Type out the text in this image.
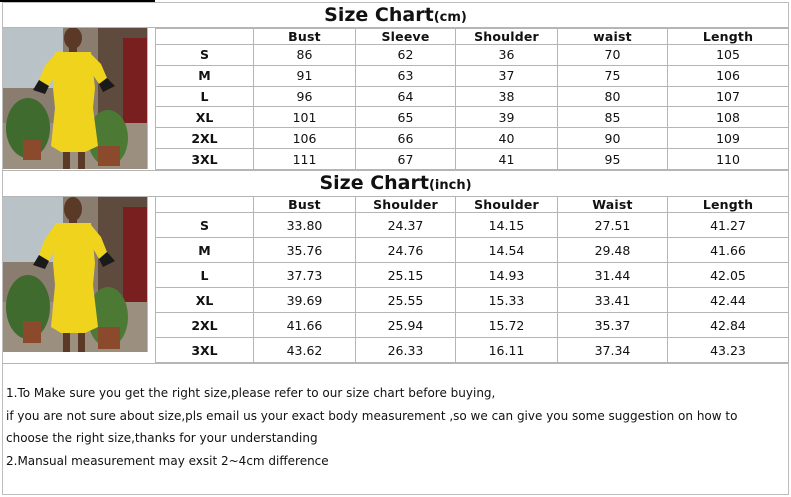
Size Chart(cm)
	Bust	Sleeve	Shoulder	waist	Length
S	86	62	36	70	105
M	91	63	37	75	106
L	96	64	38	80	107
XL	101	65	39	85	108
2XL	106	66	40	90	109
3XL	111	67	41	95	110
Size Chart(inch)
	Bust	Shoulder	Shoulder	Waist	Length
S	33.80	24.37	14.15	27.51	41.27
M	35.76	24.76	14.54	29.48	41.66
L	37.73	25.15	14.93	31.44	42.05
XL	39.69	25.55	15.33	33.41	42.44
2XL	41.66	25.94	15.72	35.37	42.84
3XL	43.62	26.33	16.11	37.34	43.23

1.To Make sure you get the right size,please refer to our size chart before buying,

if you are not sure about size,pls email us your exact body measurement ,so we can give you some suggestion on how to

choose the right size,thanks for your understanding

2.Mansual measurement may exsit 2~4cm difference
